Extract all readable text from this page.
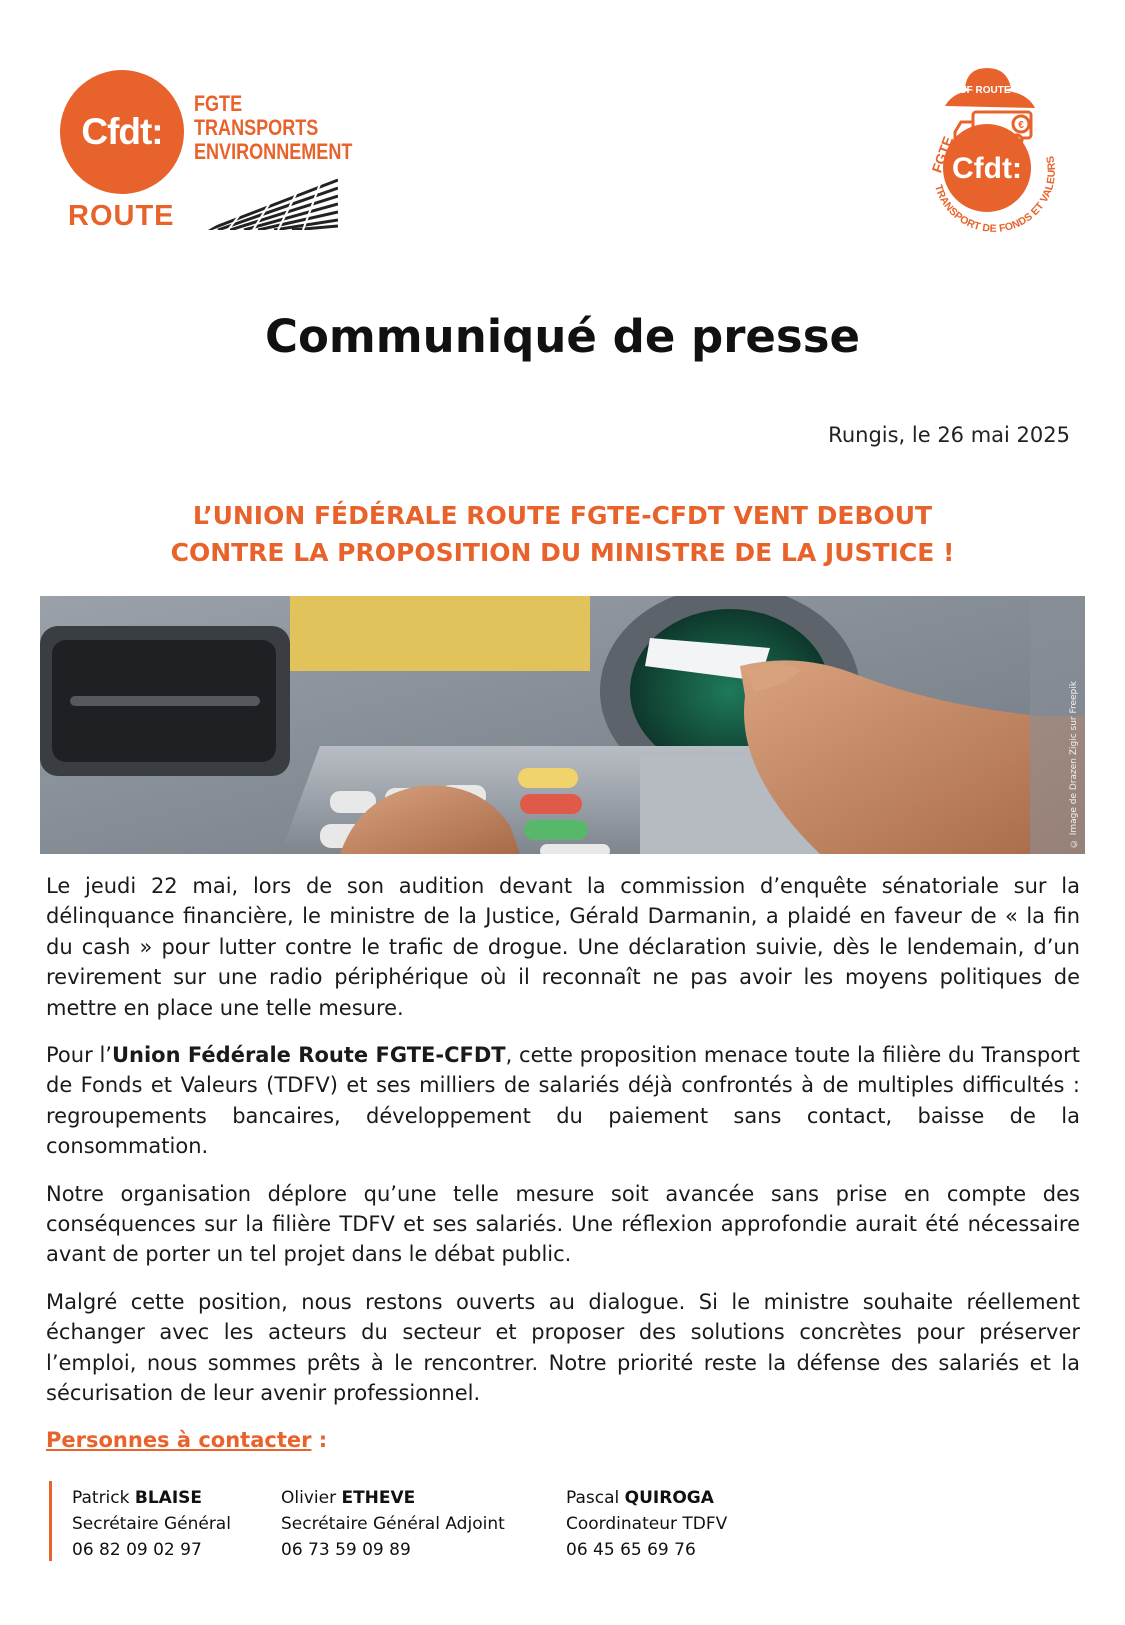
Cfdt:
FGTE
TRANSPORTS
ENVIRONNEMENT
ROUTE
UF ROUTE
€
Cfdt:
FGTE
TRANSPORT DE FONDS ET VALEURS
Communiqué de presse
Rungis, le 26 mai 2025
L’UNION FÉDÉRALE ROUTE FGTE-CFDT VENT DEBOUT
CONTRE LA PROPOSITION DU MINISTRE DE LA JUSTICE !
© Image de Drazen Zigic sur Freepik

Le jeudi 22 mai, lors de son audition devant la commission d’enquête sénatoriale sur la délinquance financière, le ministre de la Justice, Gérald Darmanin, a plaidé en faveur de « la fin du cash » pour lutter contre le trafic de drogue. Une déclaration suivie, dès le lendemain, d’un revirement sur une radio périphérique où il reconnaît ne pas avoir les moyens politiques de mettre en place une telle mesure.

Pour l’Union Fédérale Route FGTE-CFDT, cette proposition menace toute la filière du Transport de Fonds et Valeurs (TDFV) et ses milliers de salariés déjà confrontés à de multiples difficultés : regroupements bancaires, développement du paiement sans contact, baisse de la consommation.

Notre organisation déplore qu’une telle mesure soit avancée sans prise en compte des conséquences sur la filière TDFV et ses salariés. Une réflexion approfondie aurait été nécessaire avant de porter un tel projet dans le débat public.

Malgré cette position, nous restons ouverts au dialogue. Si le ministre souhaite réellement échanger avec les acteurs du secteur et proposer des solutions concrètes pour préserver l’emploi, nous sommes prêts à le rencontrer. Notre priorité reste la défense des salariés et la sécurisation de leur avenir professionnel.

Personnes à contacter :
Patrick BLAISE
Secrétaire Général
06 82 09 02 97
Olivier ETHEVE
Secrétaire Général Adjoint
06 73 59 09 89
Pascal QUIROGA
Coordinateur TDFV
06 45 65 69 76
